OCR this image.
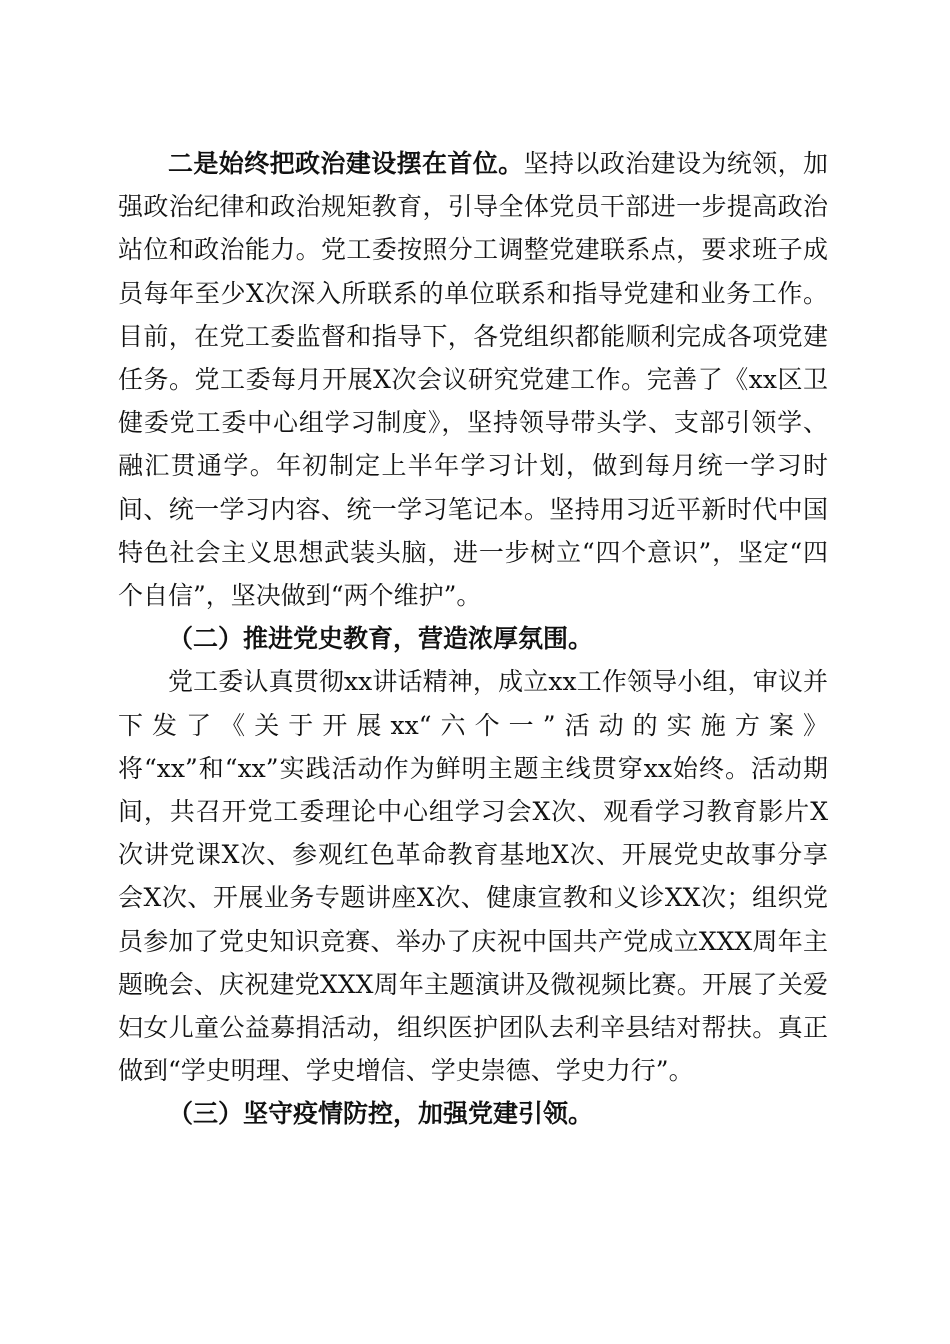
二是始终把政治建设摆在首位。坚持以政治建设为统领，加强政治纪律和政治规矩教育，引导全体党员干部进一步提高政治站位和政治能力。党工委按照分工调整党建联系点，要求班子成员每年至少X次深入所联系的单位联系和指导党建和业务工作。目前，在党工委监督和指导下，各党组织都能顺利完成各项党建任务。党工委每月开展X次会议研究党建工作。完善了《xx区卫健委党工委中心组学习制度》，坚持领导带头学、支部引领学、融汇贯通学。年初制定上半年学习计划，做到每月统一学习时间、统一学习内容、统一学习笔记本。坚持用习近平新时代中国特色社会主义思想武装头脑，进一步树立“四个意识”，坚定“四个自信”，坚决做到“两个维护”。

（二）推进党史教育，营造浓厚氛围。

党工委认真贯彻xx讲话精神，成立xx工作领导小组，审议并下发了《关于开展xx“六个一”活动的实施方案》将“xx”和“xx”实践活动作为鲜明主题主线贯穿xx始终。活动期间，共召开党工委理论中心组学习会X次、观看学习教育影片X次讲党课X次、参观红色革命教育基地X次、开展党史故事分享会X次、开展业务专题讲座X次、健康宣教和义诊XX次；组织党员参加了党史知识竞赛、举办了庆祝中国共产党成立XXX周年主题晚会、庆祝建党XXX周年主题演讲及微视频比赛。开展了关爱妇女儿童公益募捐活动，组织医护团队去利辛县结对帮扶。真正做到“学史明理、学史增信、学史崇德、学史力行”。

（三）坚守疫情防控，加强党建引领。
